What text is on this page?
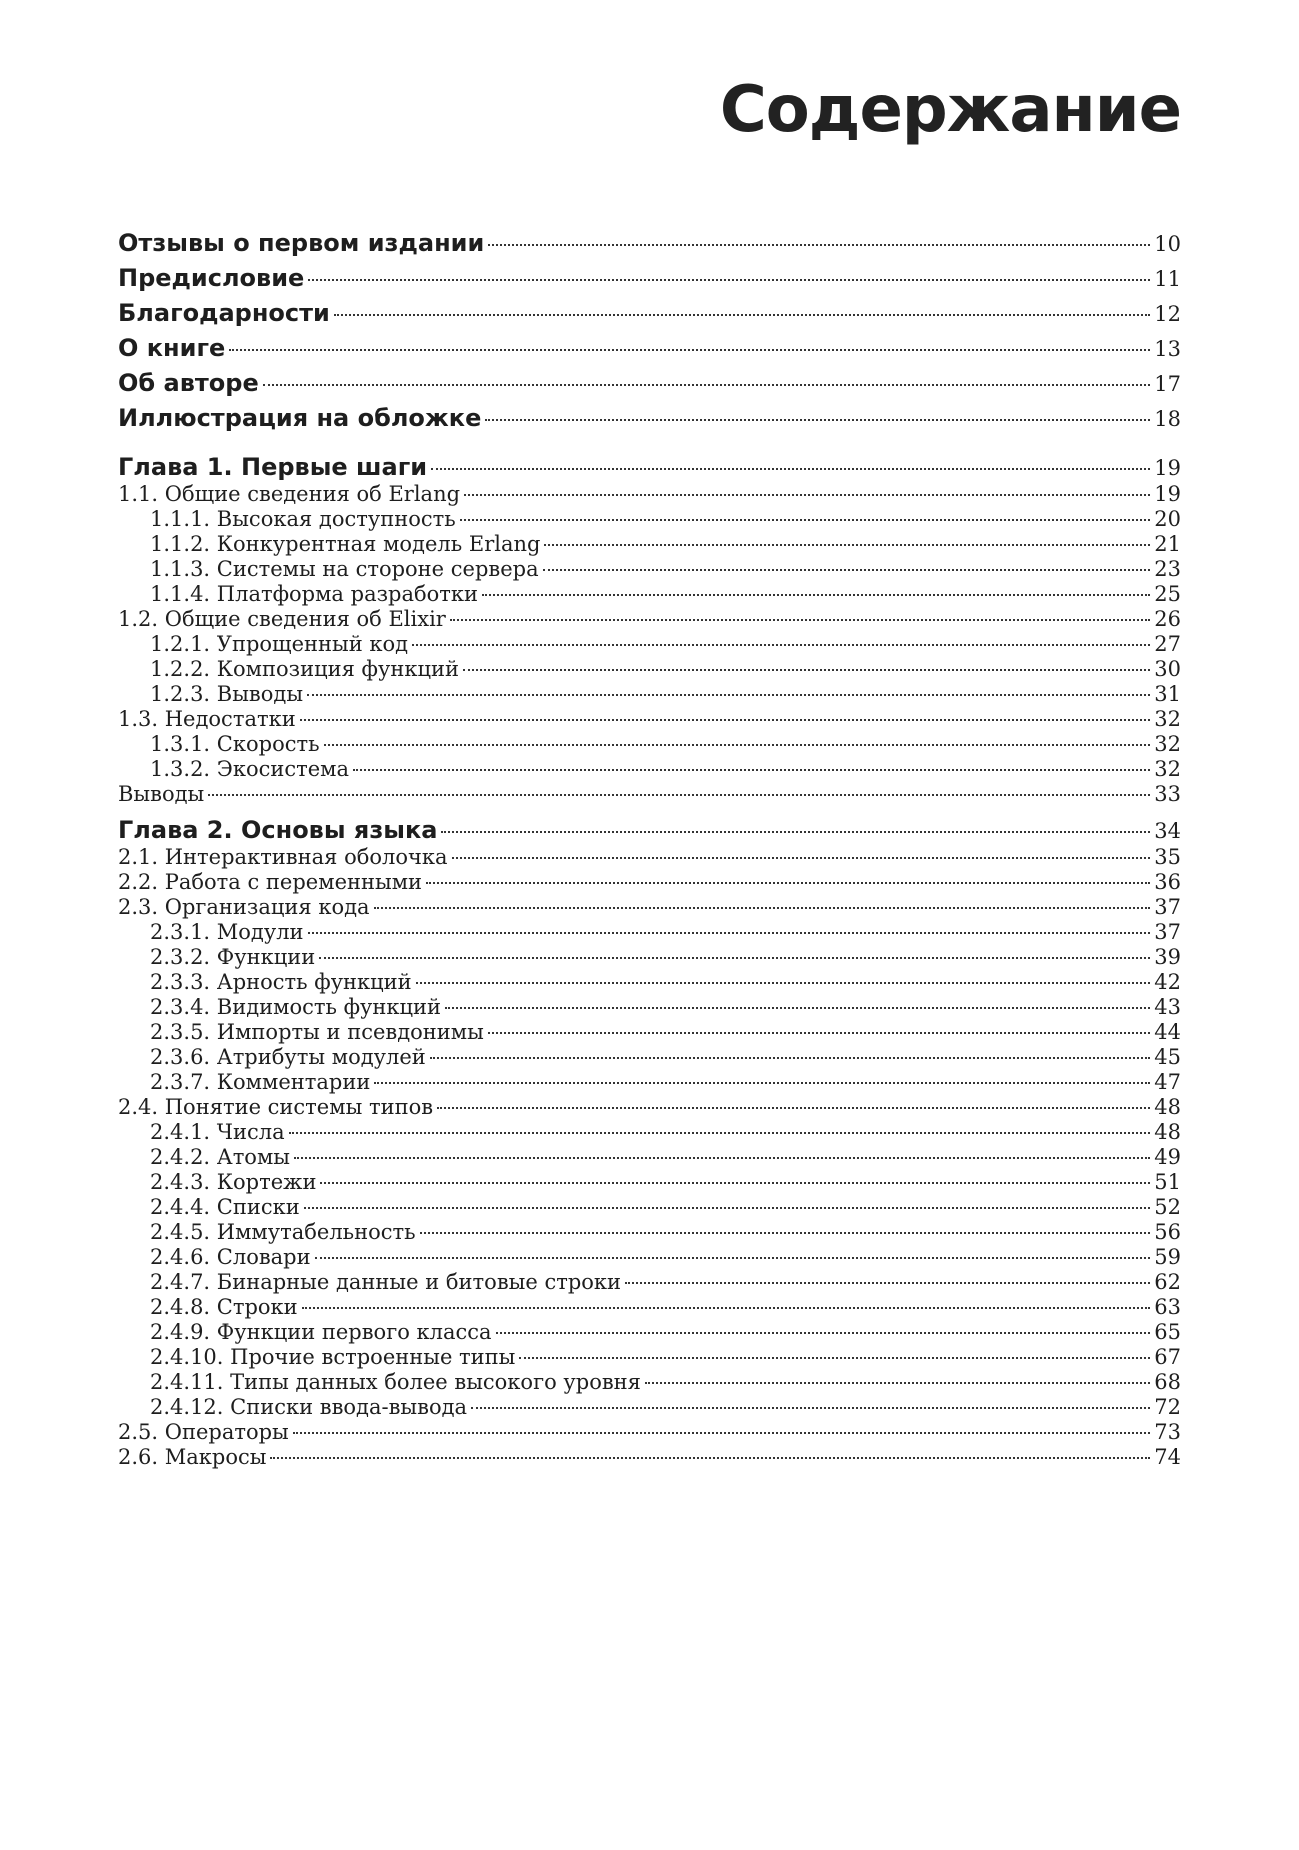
Содержание
Отзывы о первом издании	10
Предисловие	11
Благодарности	12
О книге	13
Об авторе	17
Иллюстрация на обложке	18
Глава 1. Первые шаги	19
1.1. Общие сведения об Erlang	19
1.1.1. Высокая доступность	20
1.1.2. Конкурентная модель Erlang	21
1.1.3. Системы на стороне сервера	23
1.1.4. Платформа разработки	25
1.2. Общие сведения об Elixir	26
1.2.1. Упрощенный код	27
1.2.2. Композиция функций	30
1.2.3. Выводы	31
1.3. Недостатки	32
1.3.1. Скорость	32
1.3.2. Экосистема	32
Выводы	33
Глава 2. Основы языка	34
2.1. Интерактивная оболочка	35
2.2. Работа с переменными	36
2.3. Организация кода	37
2.3.1. Модули	37
2.3.2. Функции	39
2.3.3. Арность функций	42
2.3.4. Видимость функций	43
2.3.5. Импорты и псевдонимы	44
2.3.6. Атрибуты модулей	45
2.3.7. Комментарии	47
2.4. Понятие системы типов	48
2.4.1. Числа	48
2.4.2. Атомы	49
2.4.3. Кортежи	51
2.4.4. Списки	52
2.4.5. Иммутабельность	56
2.4.6. Словари	59
2.4.7. Бинарные данные и битовые строки	62
2.4.8. Строки	63
2.4.9. Функции первого класса	65
2.4.10. Прочие встроенные типы	67
2.4.11. Типы данных более высокого уровня	68
2.4.12. Списки ввода-вывода	72
2.5. Операторы	73
2.6. Макросы	74
